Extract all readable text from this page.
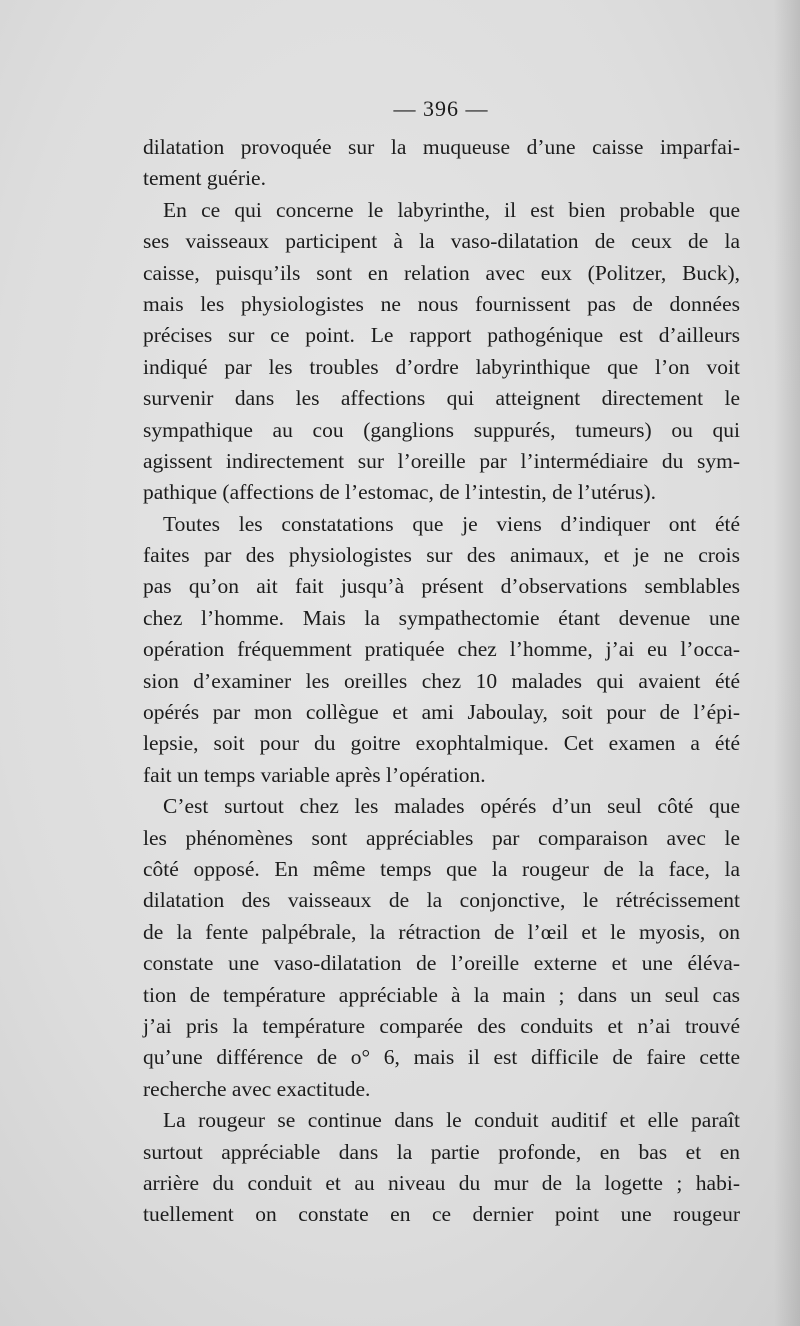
— 396 —
dilatation provoquée sur la muqueuse d’une caisse imparfai-
tement guérie.
En ce qui concerne le labyrinthe, il est bien probable que
ses vaisseaux participent à la vaso-dilatation de ceux de la
caisse, puisqu’ils sont en relation avec eux (Politzer, Buck),
mais les physiologistes ne nous fournissent pas de données
précises sur ce point. Le rapport pathogénique est d’ailleurs
indiqué par les troubles d’ordre labyrinthique que l’on voit
survenir dans les affections qui atteignent directement le
sympathique au cou (ganglions suppurés, tumeurs) ou qui
agissent indirectement sur l’oreille par l’intermédiaire du sym-
pathique (affections de l’estomac, de l’intestin, de l’utérus).
Toutes les constatations que je viens d’indiquer ont été
faites par des physiologistes sur des animaux, et je ne crois
pas qu’on ait fait jusqu’à présent d’observations semblables
chez l’homme. Mais la sympathectomie étant devenue une
opération fréquemment pratiquée chez l’homme, j’ai eu l’occa-
sion d’examiner les oreilles chez 10 malades qui avaient été
opérés par mon collègue et ami Jaboulay, soit pour de l’épi-
lepsie, soit pour du goitre exophtalmique. Cet examen a été
fait un temps variable après l’opération.
C’est surtout chez les malades opérés d’un seul côté que
les phénomènes sont appréciables par comparaison avec le
côté opposé. En même temps que la rougeur de la face, la
dilatation des vaisseaux de la conjonctive, le rétrécissement
de la fente palpébrale, la rétraction de l’œil et le myosis, on
constate une vaso-dilatation de l’oreille externe et une éléva-
tion de température appréciable à la main ; dans un seul cas
j’ai pris la température comparée des conduits et n’ai trouvé
qu’une différence de o° 6, mais il est difficile de faire cette
recherche avec exactitude.
La rougeur se continue dans le conduit auditif et elle paraît
surtout appréciable dans la partie profonde, en bas et en
arrière du conduit et au niveau du mur de la logette ; habi-
tuellement on constate en ce dernier point une rougeur
